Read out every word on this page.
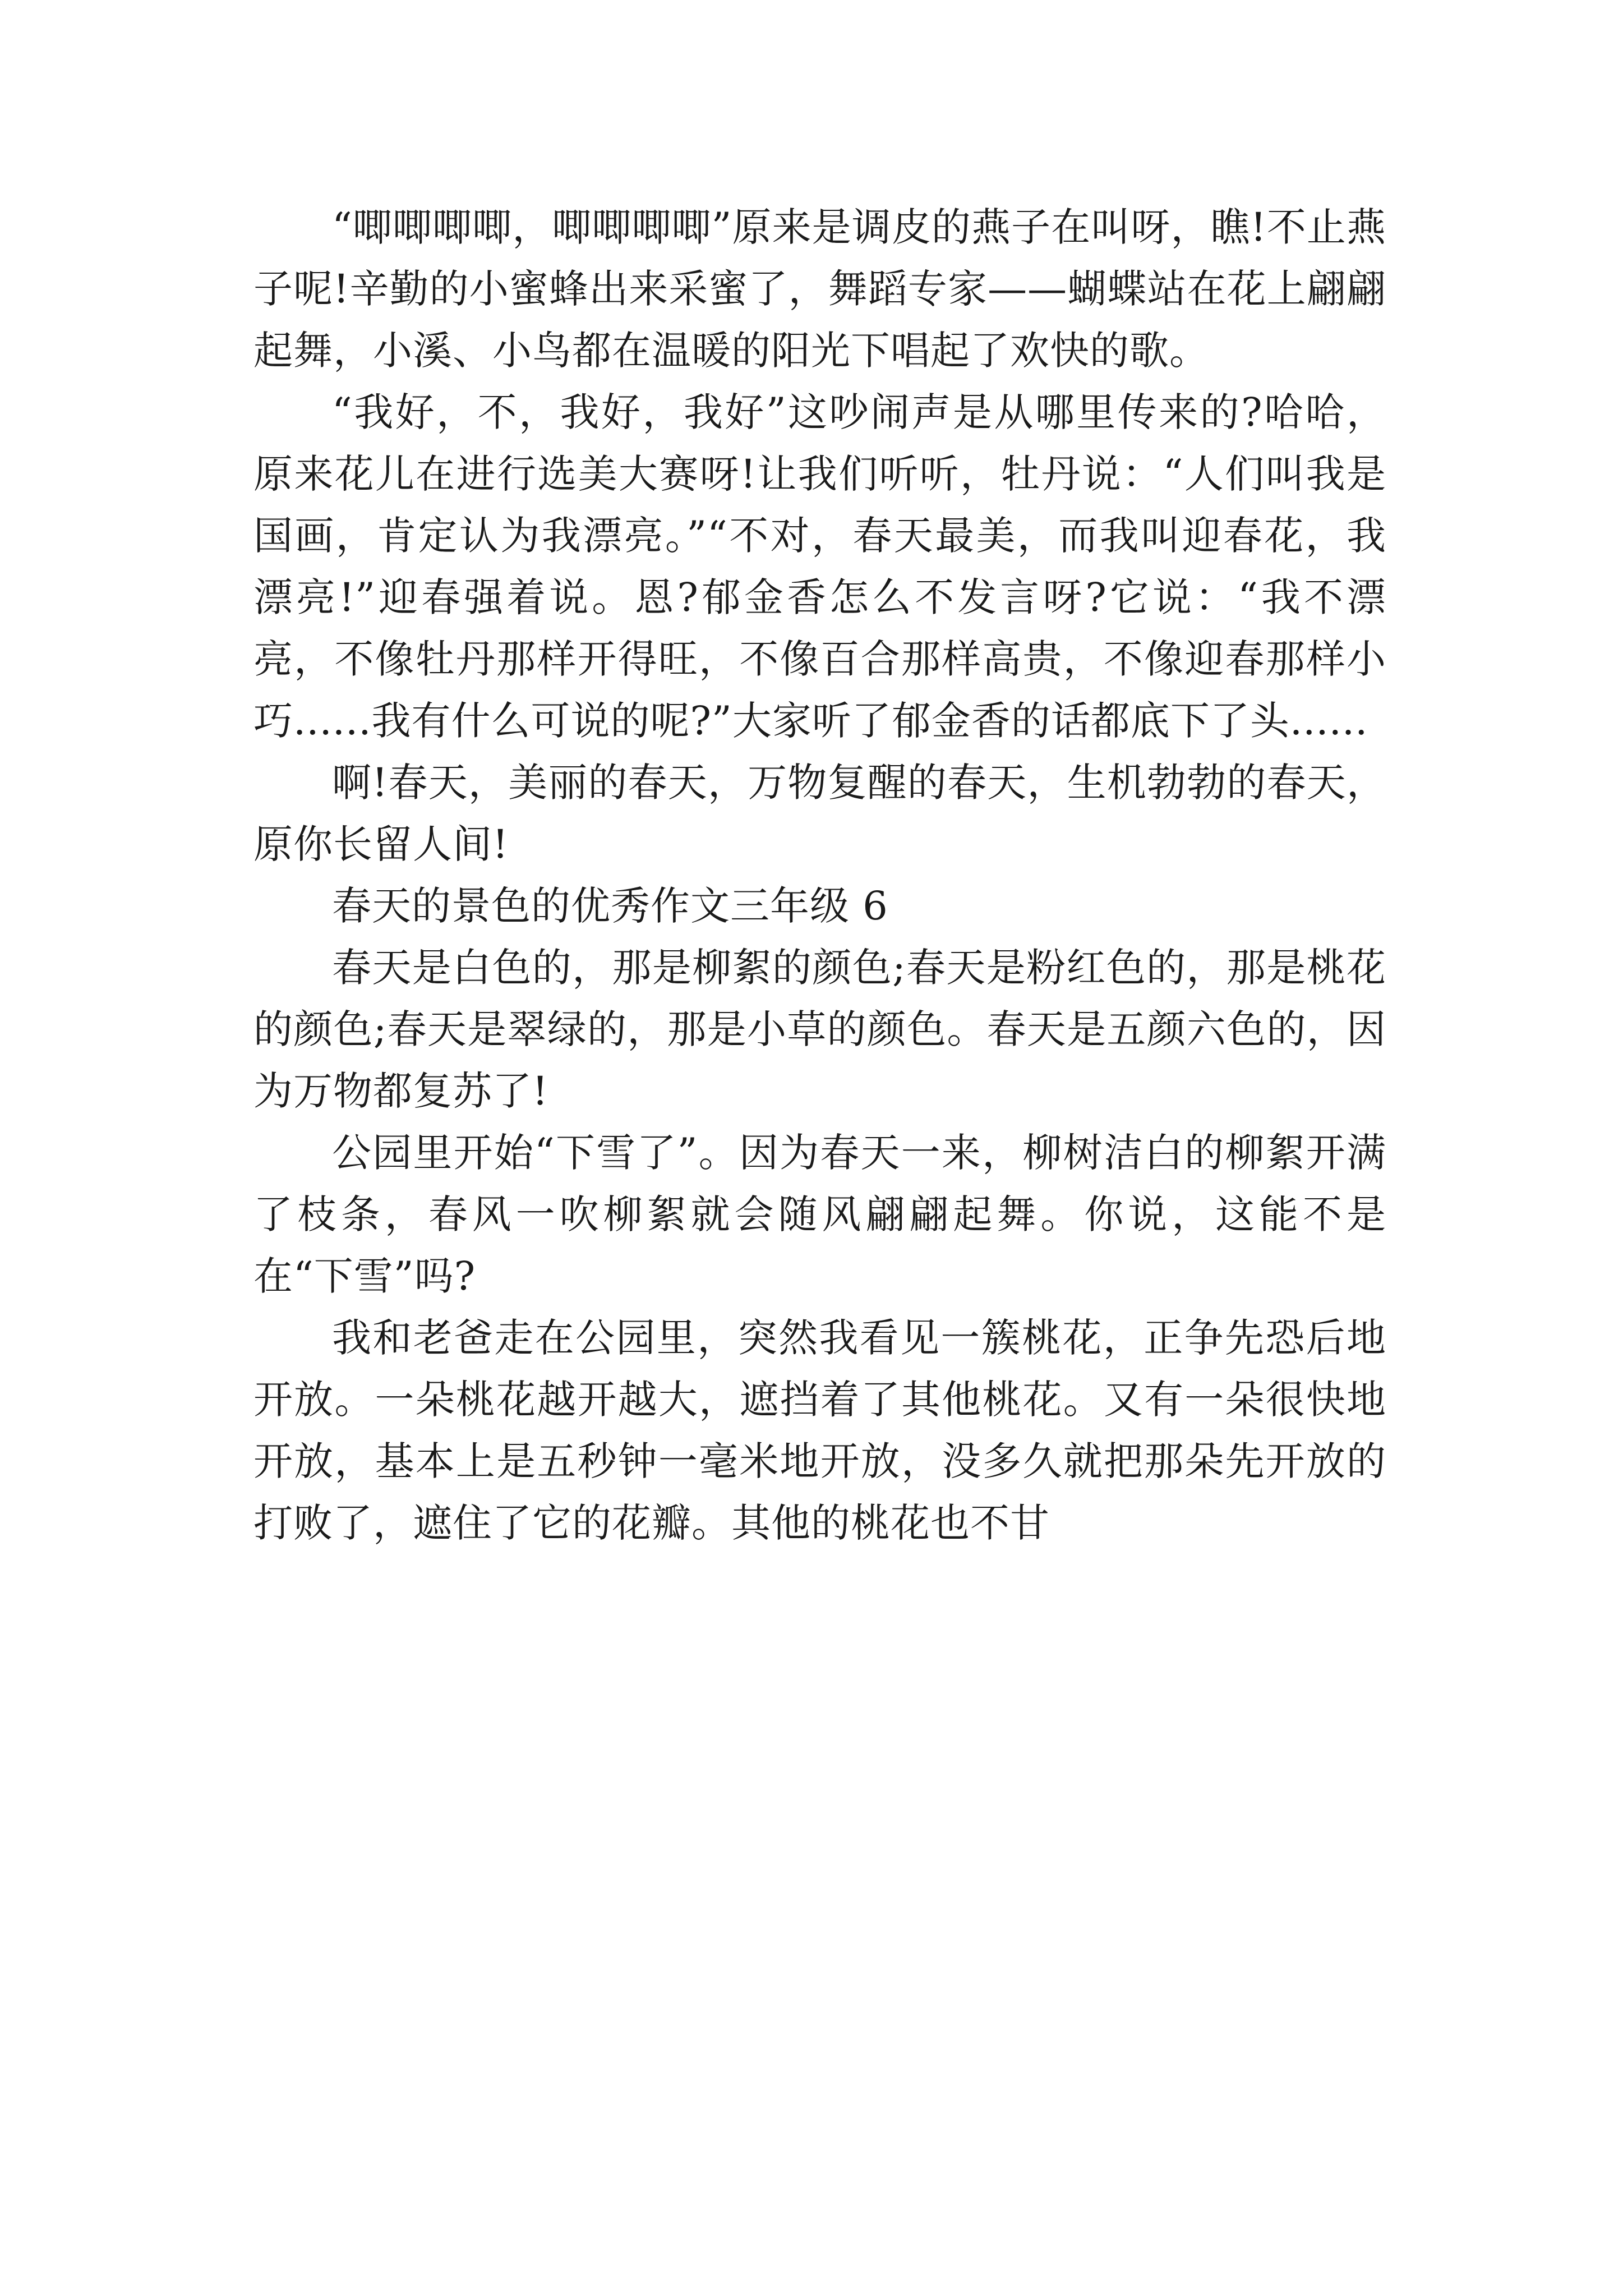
“唧唧唧唧，唧唧唧唧”原来是调皮的燕子在叫呀，瞧!不止燕子呢!辛勤的小蜜蜂出来采蜜了，舞蹈专家——蝴蝶站在花上翩翩起舞，小溪、小鸟都在温暖的阳光下唱起了欢快的歌。

“我好，不，我好，我好”这吵闹声是从哪里传来的?哈哈，原来花儿在进行选美大赛呀!让我们听听，牡丹说：“人们叫我是国画，肯定认为我漂亮。”“不对，春天最美，而我叫迎春花，我漂亮!”迎春强着说。恩?郁金香怎么不发言呀?它说：“我不漂亮，不像牡丹那样开得旺，不像百合那样高贵，不像迎春那样小巧......我有什么可说的呢?”大家听了郁金香的话都底下了头......

啊!春天，美丽的春天，万物复醒的春天，生机勃勃的春天，原你长留人间!

春天的景色的优秀作文三年级 6

春天是白色的，那是柳絮的颜色;春天是粉红色的，那是桃花的颜色;春天是翠绿的，那是小草的颜色。春天是五颜六色的，因为万物都复苏了!

公园里开始“下雪了”。因为春天一来，柳树洁白的柳絮开满了枝条，春风一吹柳絮就会随风翩翩起舞。你说，这能不是在“下雪”吗?

我和老爸走在公园里，突然我看见一簇桃花，正争先恐后地开放。一朵桃花越开越大，遮挡着了其他桃花。又有一朵很快地开放，基本上是五秒钟一毫米地开放，没多久就把那朵先开放的打败了，遮住了它的花瓣。其他的桃花也不甘
